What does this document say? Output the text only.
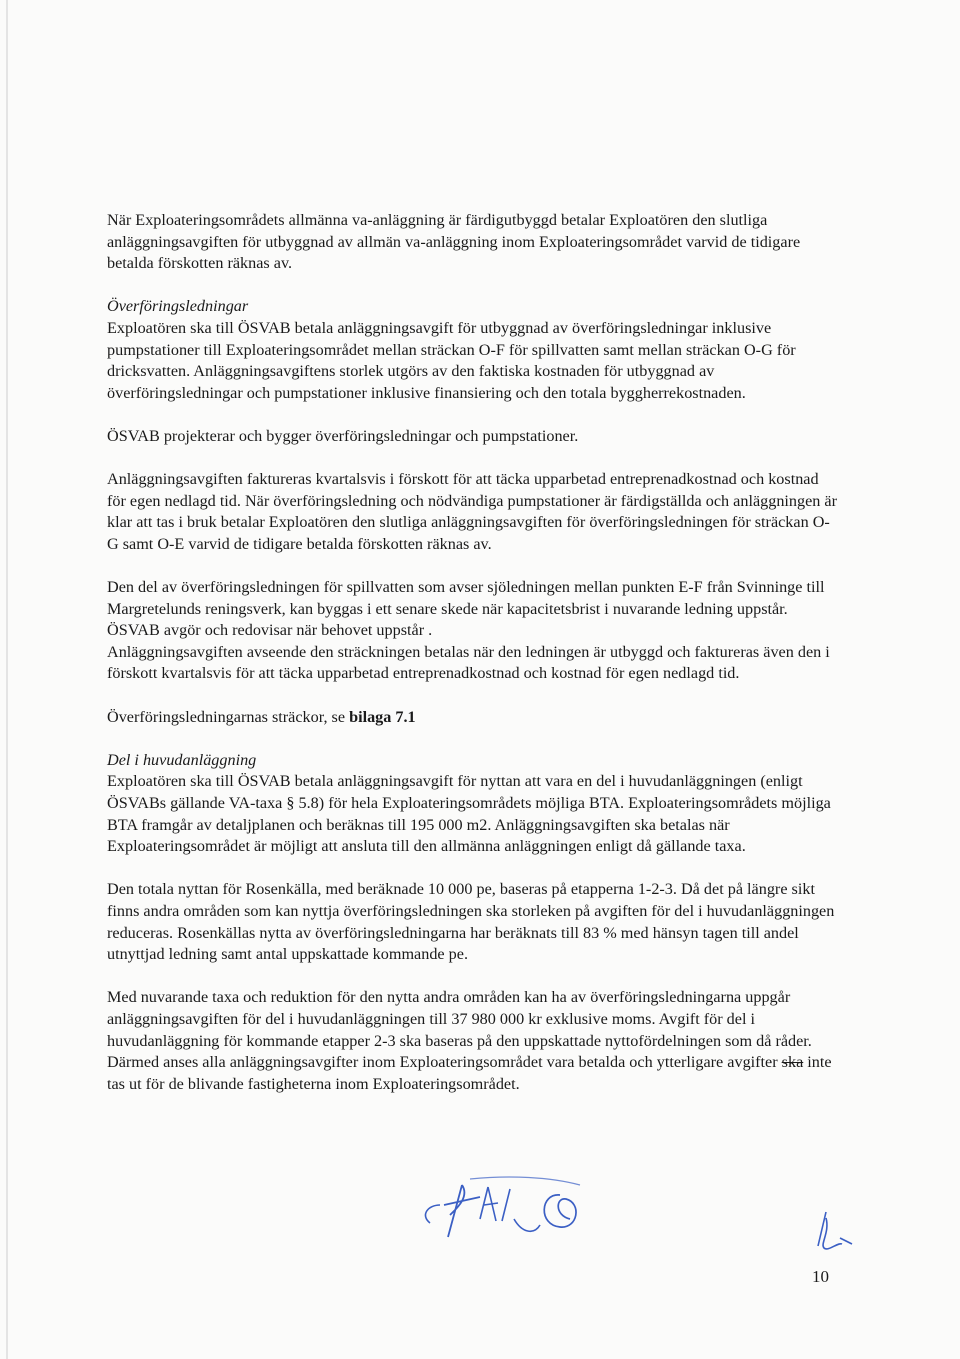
När Exploateringsområdets allmänna va-anläggning är färdigutbyggd betalar Exploatören den slutliga anläggningsavgiften för utbyggnad av allmän va-anläggning inom Exploateringsområdet varvid de tidigare betalda förskotten räknas av.

Överföringsledningar

Exploatören ska till ÖSVAB betala anläggningsavgift för utbyggnad av överföringsledningar inklusive pumpstationer till Exploateringsområdet mellan sträckan O-F för spillvatten samt mellan sträckan O-G för dricksvatten. Anläggningsavgiftens storlek utgörs av den faktiska kostnaden för utbyggnad av överföringsledningar och pumpstationer inklusive finansiering och den totala byggherrekostnaden.

ÖSVAB projekterar och bygger överföringsledningar och pumpstationer.

Anläggningsavgiften faktureras kvartalsvis i förskott för att täcka upparbetad entreprenadkostnad och kostnad för egen nedlagd tid. När överföringsledning och nödvändiga pumpstationer är färdigställda och anläggningen är klar att tas i bruk betalar Exploatören den slutliga anläggningsavgiften för överföringsledningen för sträckan O-G samt O-E varvid de tidigare betalda förskotten räknas av.

Den del av överföringsledningen för spillvatten som avser sjöledningen mellan punkten E-F från Svinninge till Margretelunds reningsverk, kan byggas i ett senare skede när kapacitetsbrist i nuvarande ledning uppstår. ÖSVAB avgör och redovisar när behovet uppstår .
Anläggningsavgiften avseende den sträckningen betalas när den ledningen är utbyggd och faktureras även den i förskott kvartalsvis för att täcka upparbetad entreprenadkostnad och kostnad för egen nedlagd tid.

Överföringsledningarnas sträckor, se bilaga 7.1

Del i huvudanläggning

Exploatören ska till ÖSVAB betala anläggningsavgift för nyttan att vara en del i huvudanläggningen (enligt ÖSVABs gällande VA-taxa § 5.8) för hela Exploateringsområdets möjliga BTA. Exploateringsområdets möjliga BTA framgår av detaljplanen och beräknas till 195 000 m2. Anläggningsavgiften ska betalas när Exploateringsområdet är möjligt att ansluta till den allmänna anläggningen enligt då gällande taxa.

Den totala nyttan för Rosenkälla, med beräknade 10 000 pe, baseras på etapperna 1-2-3. Då det på längre sikt finns andra områden som kan nyttja överföringsledningen ska storleken på avgiften för del i huvudanläggningen reduceras. Rosenkällas nytta av överföringsledningarna har beräknats till 83 % med hänsyn tagen till andel utnyttjad ledning samt antal uppskattade kommande pe.

Med nuvarande taxa och reduktion för den nytta andra områden kan ha av överföringsledningarna uppgår anläggningsavgiften för del i huvudanläggningen till 37 980 000 kr exklusive moms. Avgift för del i huvudanläggning för kommande etapper 2-3 ska baseras på den uppskattade nyttofördelningen som då råder. Därmed anses alla anläggningsavgifter inom Exploateringsområdet vara betalda och ytterligare avgifter ska inte tas ut för de blivande fastigheterna inom Exploateringsområdet.

10
